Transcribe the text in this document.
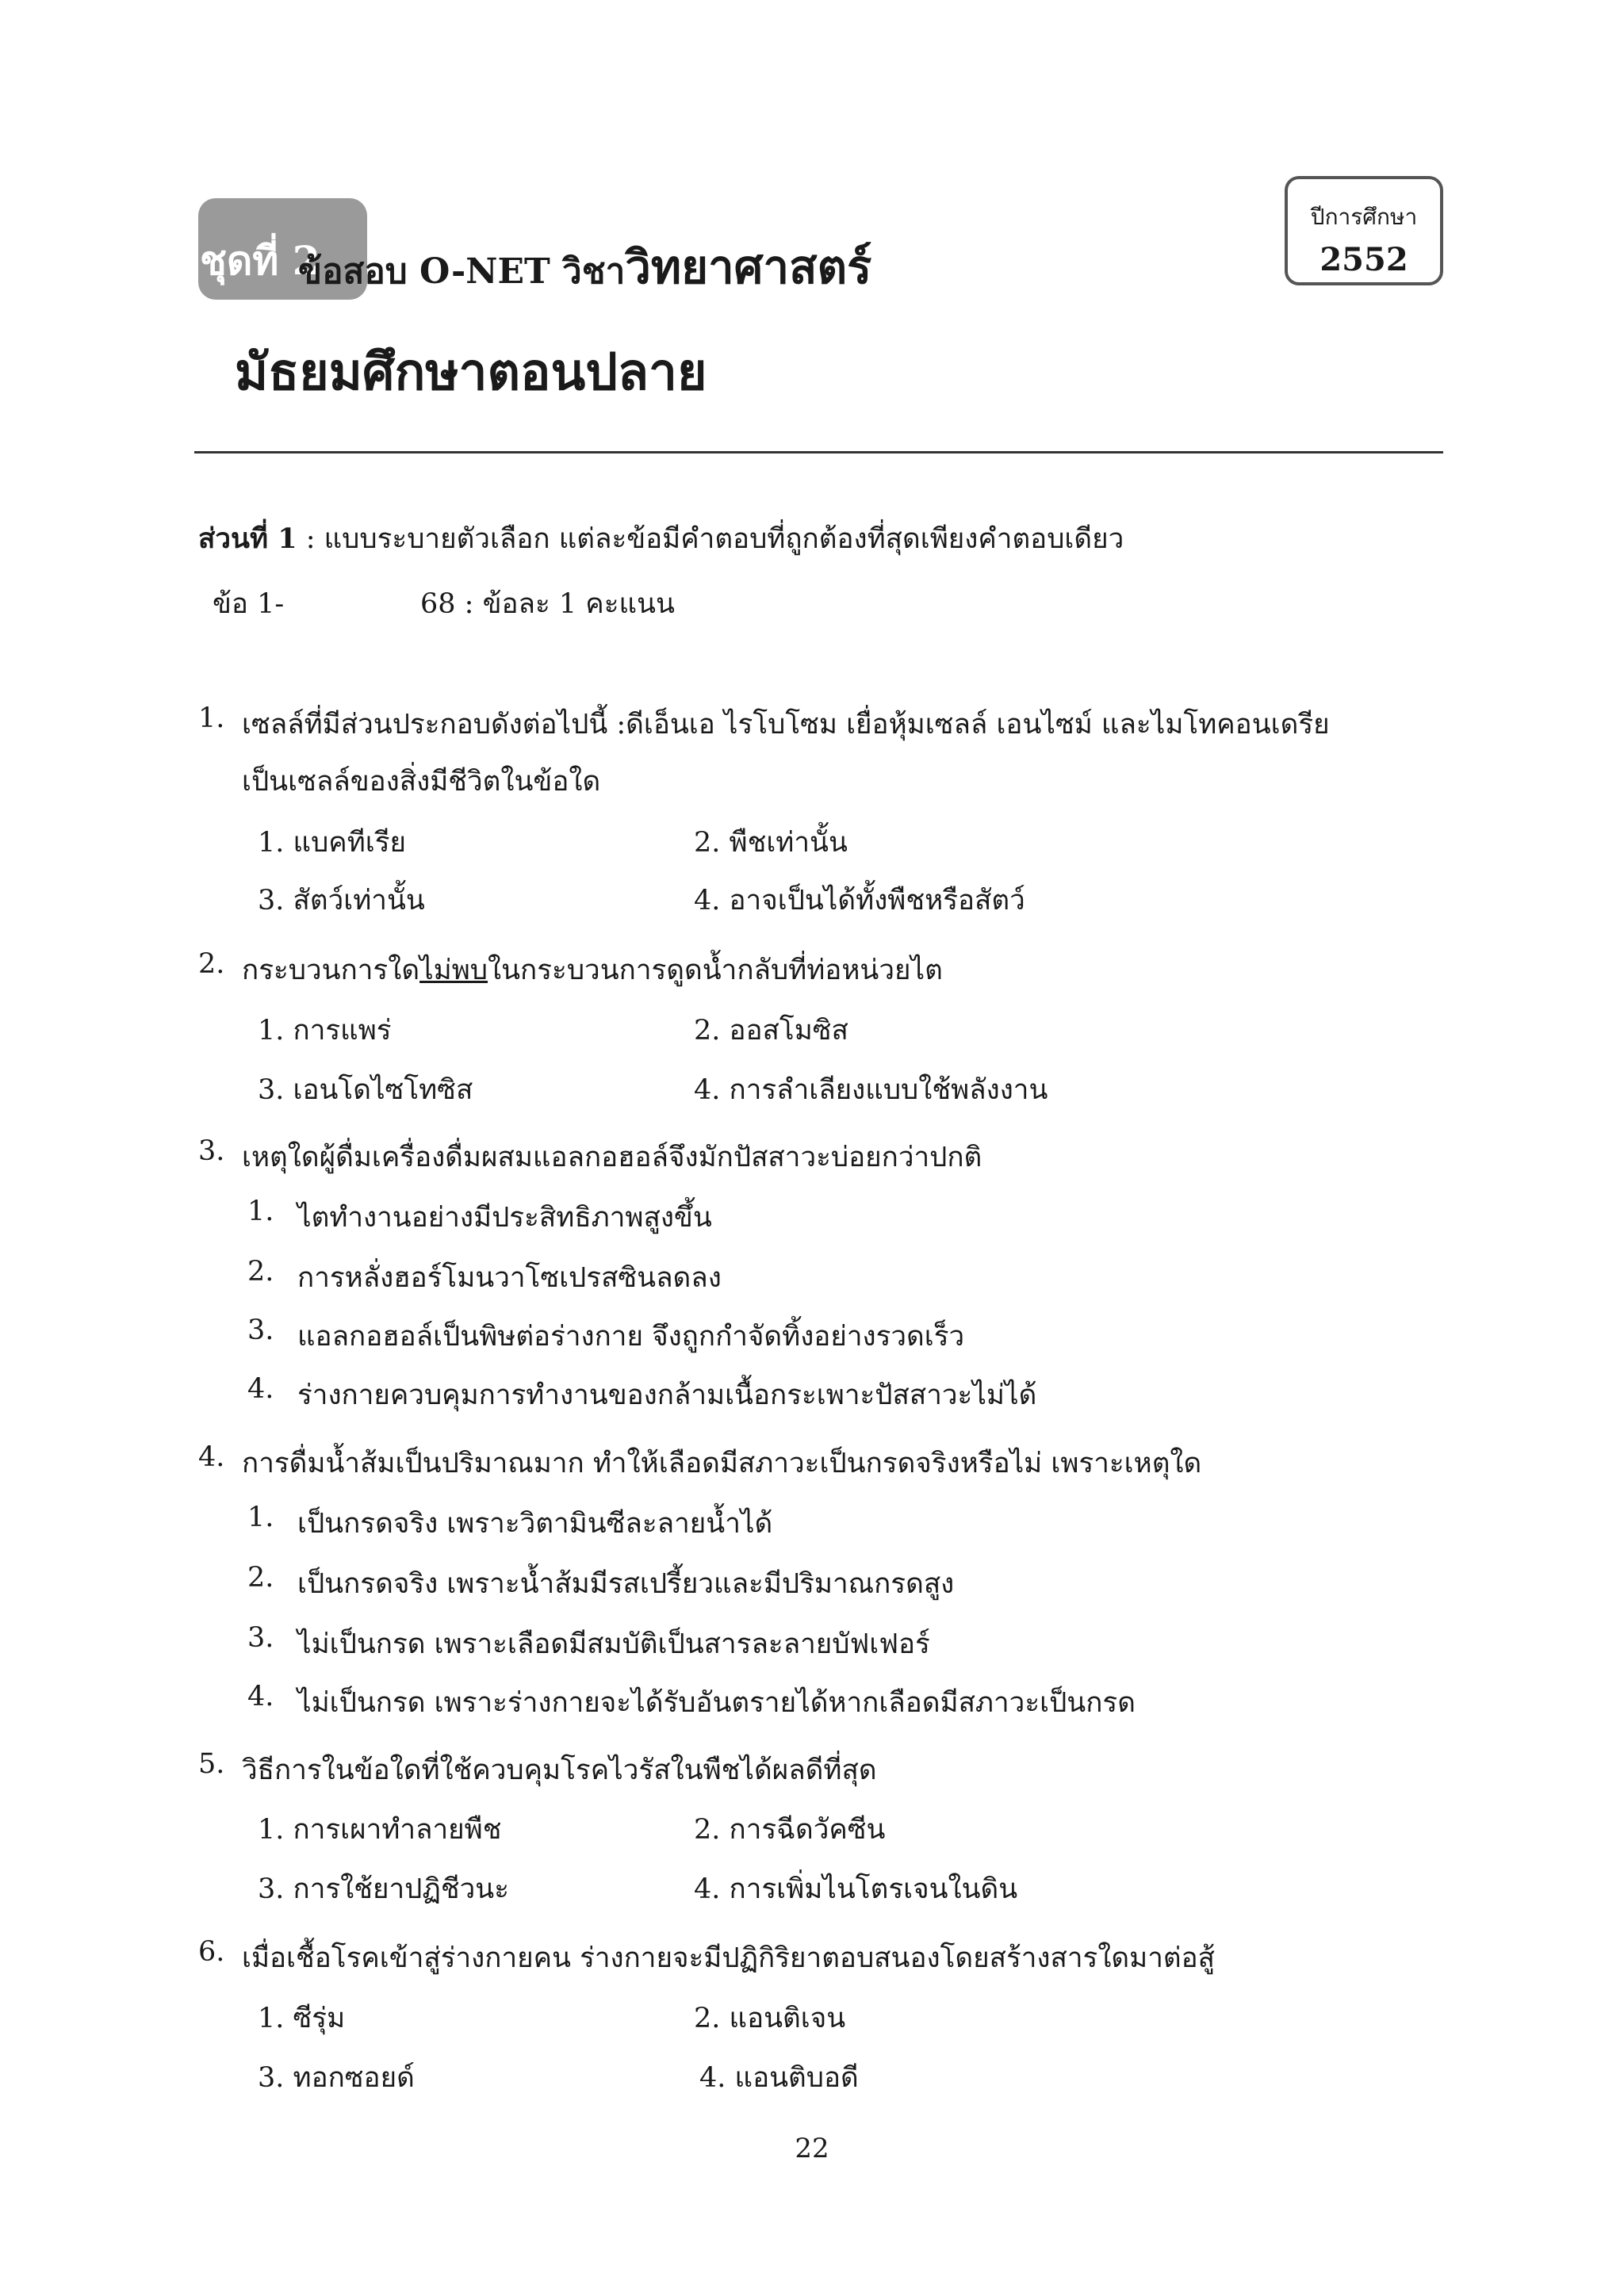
ชุดที่ 2
ข้อสอบ O-NET วิชาวิทยาศาสตร์
มัธยมศึกษาตอนปลาย
ปีการศึกษา
2552
ส่วนที่ 1 : แบบระบายตัวเลือก แต่ละข้อมีคำตอบที่ถูกต้องที่สุดเพียงคำตอบเดียว
ข้อ 1-	68 : ข้อละ 1 คะแนน
1. เซลล์ที่มีส่วนประกอบดังต่อไปนี้ :ดีเอ็นเอ ไรโบโซม เยื่อหุ้มเซลล์ เอนไซม์ และไมโทคอนเดรีย
เป็นเซลล์ของสิ่งมีชีวิตในข้อใด
1. แบคทีเรีย	2. พืชเท่านั้น
3. สัตว์เท่านั้น	4. อาจเป็นได้ทั้งพืชหรือสัตว์
2. กระบวนการใดไม่พบในกระบวนการดูดน้ำกลับที่ท่อหน่วยไต
1. การแพร่	2. ออสโมซิส
3. เอนโดไซโทซิส	4. การลำเลียงแบบใช้พลังงาน
3. เหตุใดผู้ดื่มเครื่องดื่มผสมแอลกอฮอล์จึงมักปัสสาวะบ่อยกว่าปกติ
1. ไตทำงานอย่างมีประสิทธิภาพสูงขึ้น
2. การหลั่งฮอร์โมนวาโซเปรสซินลดลง
3. แอลกอฮอล์เป็นพิษต่อร่างกาย จึงถูกกำจัดทิ้งอย่างรวดเร็ว
4. ร่างกายควบคุมการทำงานของกล้ามเนื้อกระเพาะปัสสาวะไม่ได้
4. การดื่มน้ำส้มเป็นปริมาณมาก ทำให้เลือดมีสภาวะเป็นกรดจริงหรือไม่ เพราะเหตุใด
1. เป็นกรดจริง เพราะวิตามินซีละลายน้ำได้
2. เป็นกรดจริง เพราะน้ำส้มมีรสเปรี้ยวและมีปริมาณกรดสูง
3. ไม่เป็นกรด เพราะเลือดมีสมบัติเป็นสารละลายบัฟเฟอร์
4. ไม่เป็นกรด เพราะร่างกายจะได้รับอันตรายได้หากเลือดมีสภาวะเป็นกรด
5. วิธีการในข้อใดที่ใช้ควบคุมโรคไวรัสในพืชได้ผลดีที่สุด
1. การเผาทำลายพืช	2. การฉีดวัคซีน
3. การใช้ยาปฏิชีวนะ	4. การเพิ่มไนโตรเจนในดิน
6. เมื่อเชื้อโรคเข้าสู่ร่างกายคน ร่างกายจะมีปฏิกิริยาตอบสนองโดยสร้างสารใดมาต่อสู้
1. ซีรุ่ม	2. แอนติเจน
3. ทอกซอยด์	4. แอนติบอดี
22
